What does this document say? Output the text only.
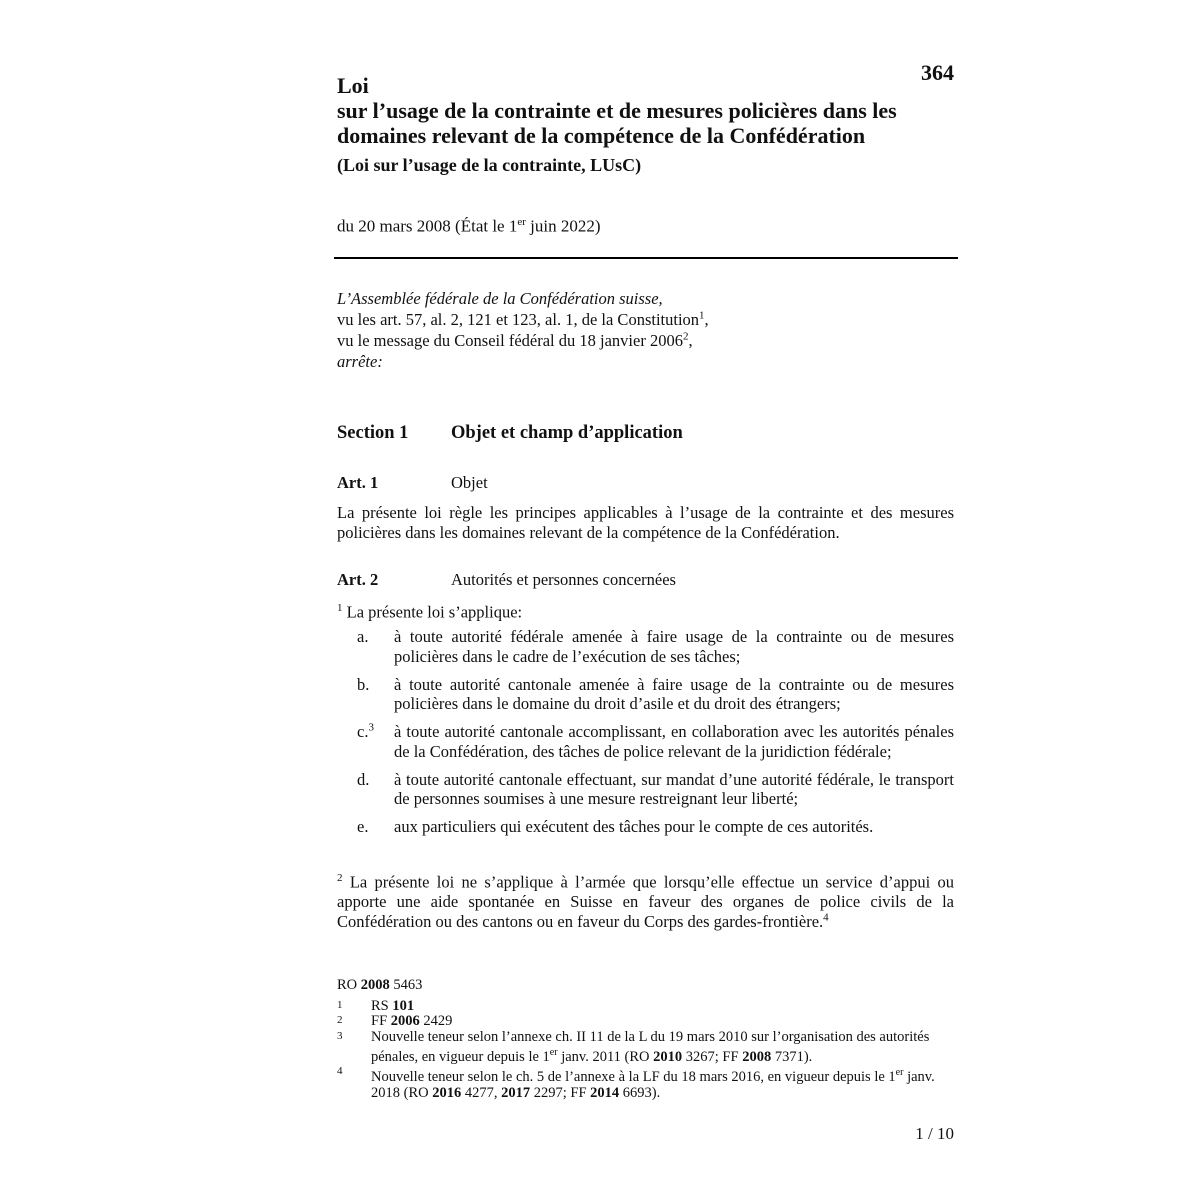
364
Loi
sur l’usage de la contrainte et de mesures policières dans les domaines relevant de la compétence de la Confédération
(Loi sur l’usage de la contrainte, LUsC)
du 20 mars 2008 (État le 1er juin 2022)
L’Assemblée fédérale de la Confédération suisse,
vu les art. 57, al. 2, 121 et 123, al. 1, de la Constitution$^1$,
vu le message du Conseil fédéral du 18 janvier 2006$^2$,
arrête:
Section 1 Objet et champ d’application
Art. 1	Objet
La présente loi règle les principes applicables à l’usage de la contrainte et des mesures policières dans les domaines relevant de la compétence de la Confédération.
Art. 2	Autorités et personnes concernées
$^1$ La présente loi s’applique:
a.	à toute autorité fédérale amenée à faire usage de la contrainte ou de mesures policières dans le cadre de l’exécution de ses tâches;
b.	à toute autorité cantonale amenée à faire usage de la contrainte ou de mesures policières dans le domaine du droit d’asile et du droit des étrangers;
c.$^3$	à toute autorité cantonale accomplissant, en collaboration avec les autorités pénales de la Confédération, des tâches de police relevant de la juridiction fédérale;
d.	à toute autorité cantonale effectuant, sur mandat d’une autorité fédérale, le transport de personnes soumises à une mesure restreignant leur liberté;
e.	aux particuliers qui exécutent des tâches pour le compte de ces autorités.
$^2$ La présente loi ne s’applique à l’armée que lorsqu’elle effectue un service d’appui ou apporte une aide spontanée en Suisse en faveur des organes de police civils de la Confédération ou des cantons ou en faveur du Corps des gardes-frontière.$^4$
RO 2008 5463
1	RS 101
2	FF 2006 2429
3	Nouvelle teneur selon l’annexe ch. II 11 de la L du 19 mars 2010 sur l’organisation des autorités pénales, en vigueur depuis le 1er janv. 2011 (RO 2010 3267; FF 2008 7371).
4	Nouvelle teneur selon le ch. 5 de l’annexe à la LF du 18 mars 2016, en vigueur depuis le 1er janv. 2018 (RO 2016 4277, 2017 2297; FF 2014 6693).
1 / 10
